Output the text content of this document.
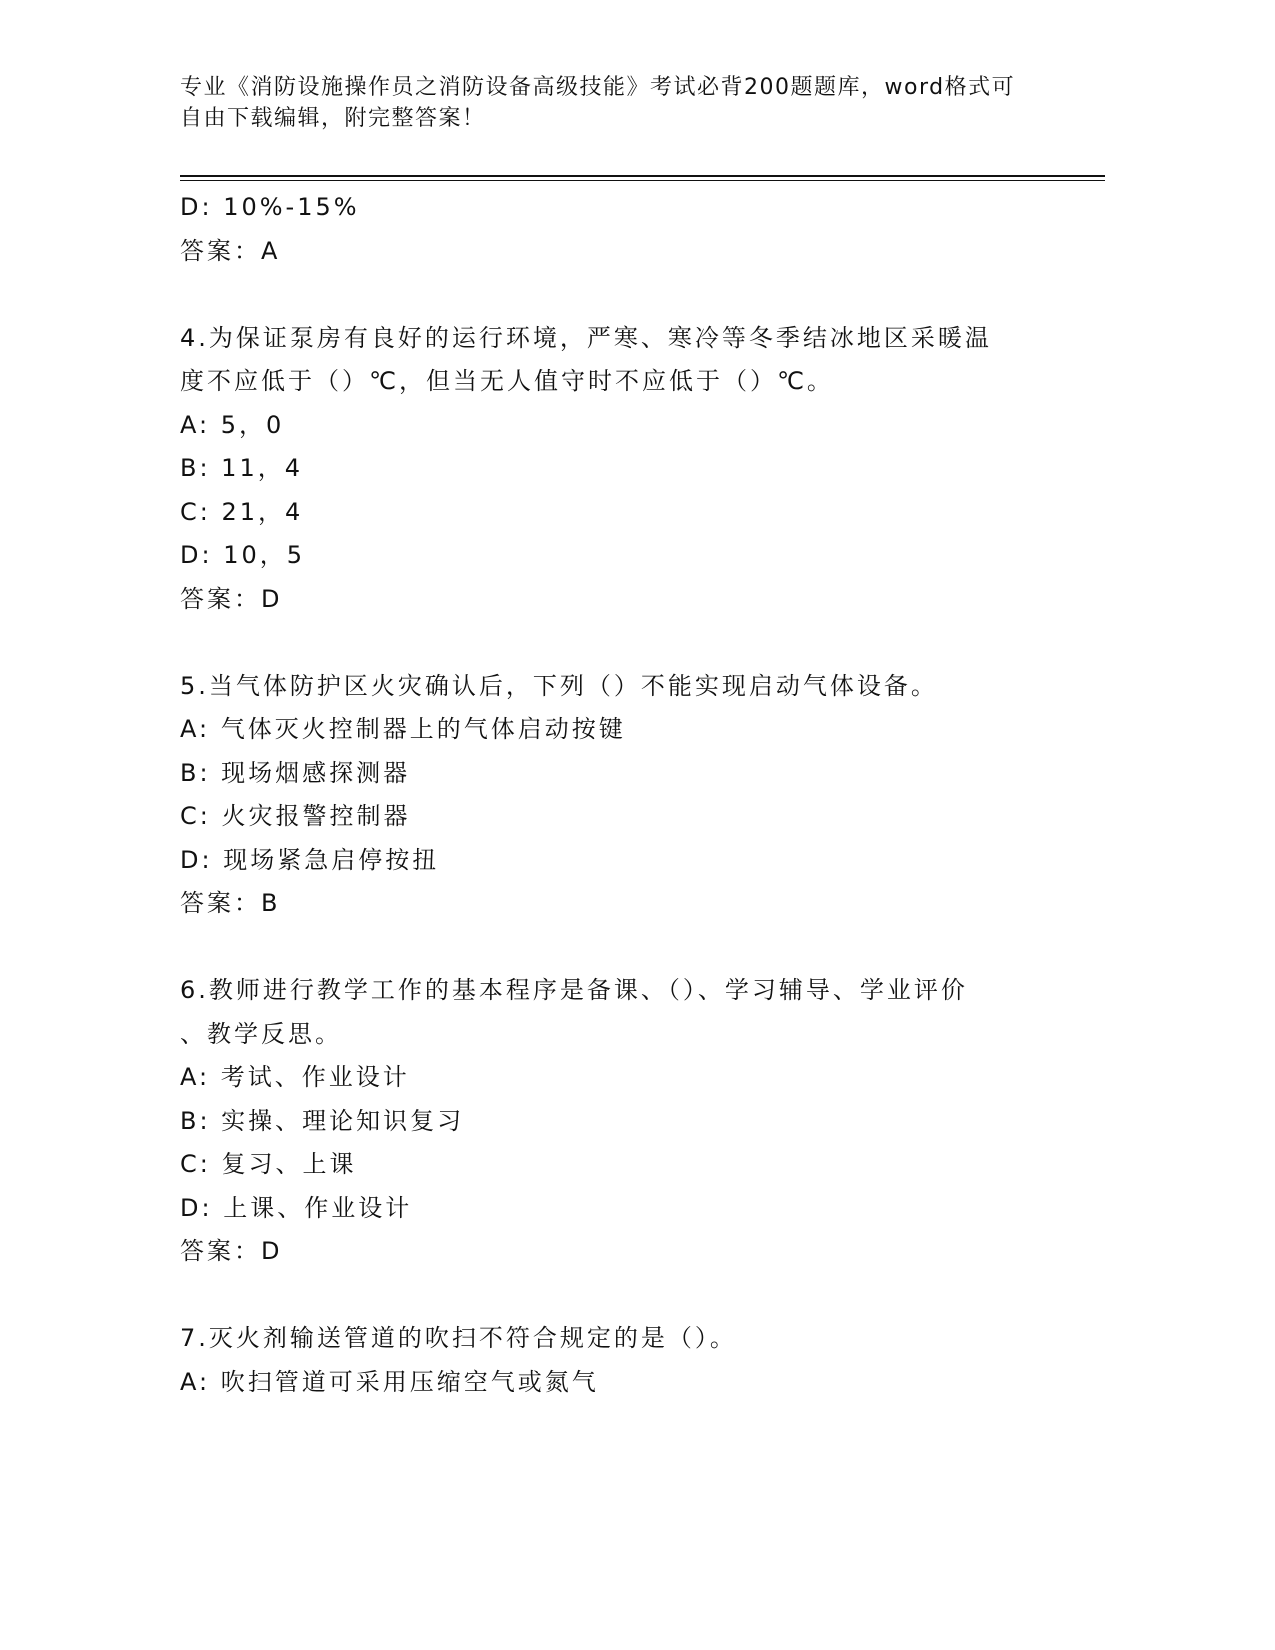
专业《消防设施操作员之消防设备高级技能》考试必背200题题库，word格式可
自由下载编辑，附完整答案！
D: 10%-15%
答案：A
4.为保证泵房有良好的运行环境，严寒、寒冷等冬季结冰地区采暖温
度不应低于（）℃，但当无人值守时不应低于（）℃。
A: 5，0
B: 11，4
C: 21，4
D: 10，5
答案：D
5.当气体防护区火灾确认后，下列（）不能实现启动气体设备。
A: 气体灭火控制器上的气体启动按键
B: 现场烟感探测器
C: 火灾报警控制器
D: 现场紧急启停按扭
答案：B
6.教师进行教学工作的基本程序是备课、（）、学习辅导、学业评价
、教学反思。
A: 考试、作业设计
B: 实操、理论知识复习
C: 复习、上课
D: 上课、作业设计
答案：D
7.灭火剂输送管道的吹扫不符合规定的是（）。
A: 吹扫管道可采用压缩空气或氮气
